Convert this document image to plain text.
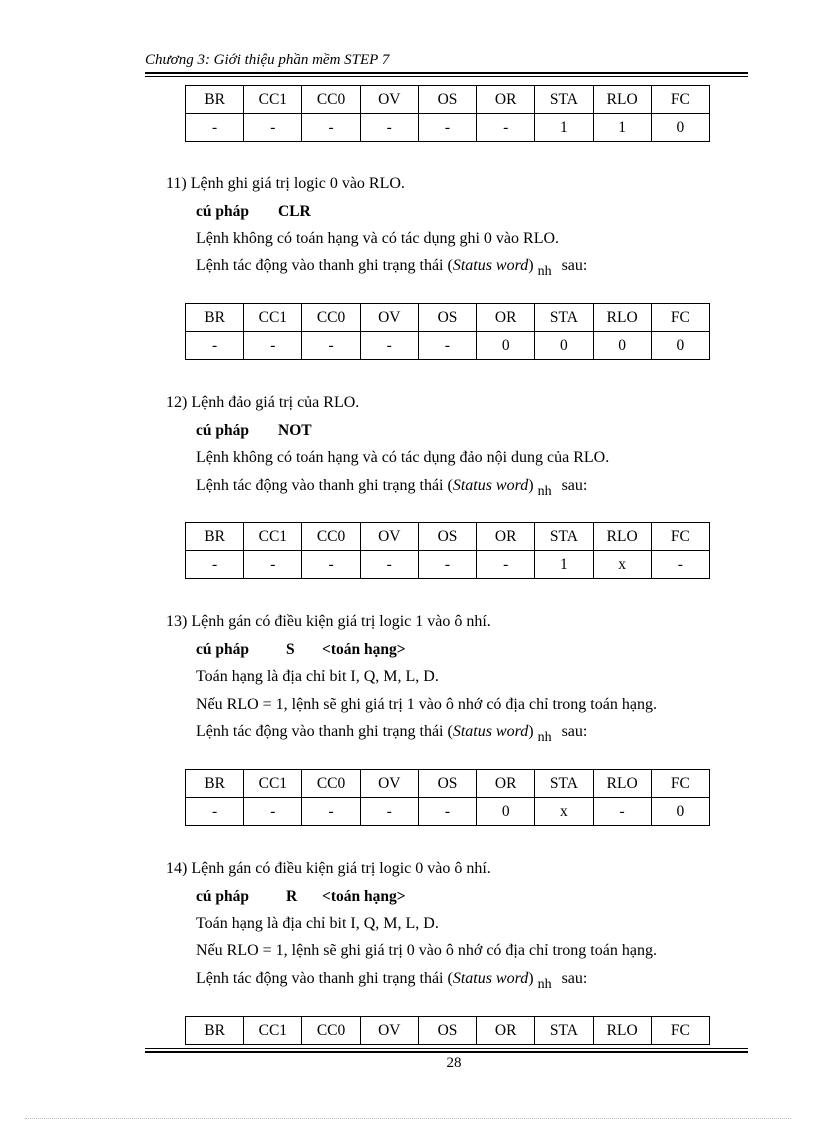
Chương 3: Giới thiệu phần mềm STEP 7
BR	CC1	CC0	OV	OS	OR	STA	RLO	FC
-	-	-	-	-	-	1	1	0
11) Lệnh ghi giá trị logic 0 vào RLO.
cú pháp CLR
Lệnh không có toán hạng và có tác dụng ghi 0 vào RLO.
Lệnh tác động vào thanh ghi trạng thái (Status word) nh sau:
BR	CC1	CC0	OV	OS	OR	STA	RLO	FC
-	-	-	-	-	0	0	0	0
12) Lệnh đảo giá trị của RLO.
cú pháp NOT
Lệnh không có toán hạng và có tác dụng đảo nội dung của RLO.
Lệnh tác động vào thanh ghi trạng thái (Status word) nh sau:
BR	CC1	CC0	OV	OS	OR	STA	RLO	FC
-	-	-	-	-	-	1	x	-
13) Lệnh gán có điều kiện giá trị logic 1 vào ô nhí.
cú pháp S <toán hạng>
Toán hạng là địa chỉ bit I, Q, M, L, D.
Nếu RLO = 1, lệnh sẽ ghi giá trị 1 vào ô nhớ có địa chỉ trong toán hạng.
Lệnh tác động vào thanh ghi trạng thái (Status word) nh sau:
BR	CC1	CC0	OV	OS	OR	STA	RLO	FC
-	-	-	-	-	0	x	-	0
14) Lệnh gán có điều kiện giá trị logic 0 vào ô nhí.
cú pháp R <toán hạng>
Toán hạng là địa chỉ bit I, Q, M, L, D.
Nếu RLO = 1, lệnh sẽ ghi giá trị 0 vào ô nhớ có địa chỉ trong toán hạng.
Lệnh tác động vào thanh ghi trạng thái (Status word) nh sau:
BR	CC1	CC0	OV	OS	OR	STA	RLO	FC
28
